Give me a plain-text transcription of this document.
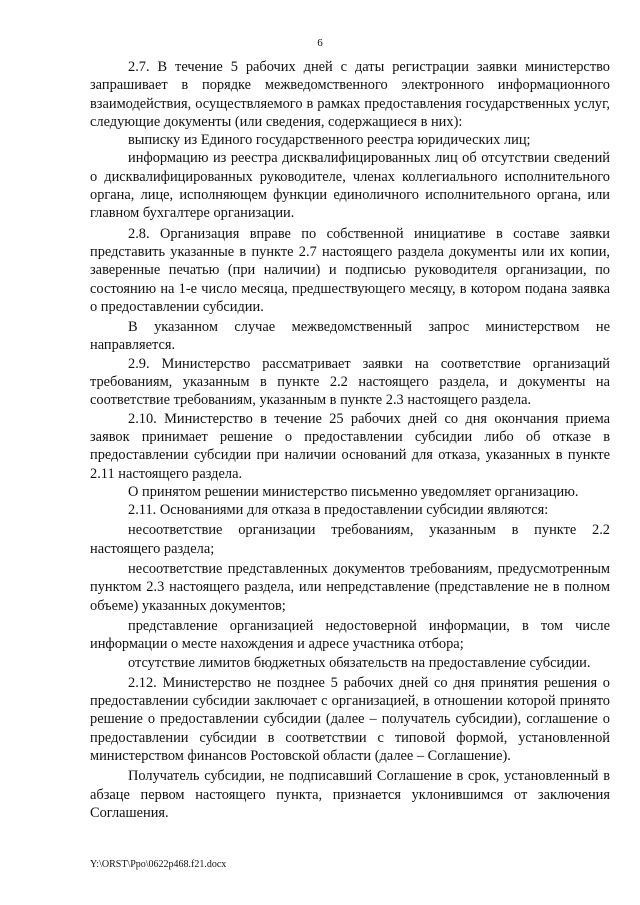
6

2.7. В течение 5 рабочих дней с даты регистрации заявки министерство запрашивает в порядке межведомственного электронного информационного взаимодействия, осуществляемого в рамках предоставления государственных услуг, следующие документы (или сведения, содержащиеся в них):

выписку из Единого государственного реестра юридических лиц;

информацию из реестра дисквалифицированных лиц об отсутствии сведений о дисквалифицированных руководителе, членах коллегиального исполнительного органа, лице, исполняющем функции единоличного исполнительного органа, или главном бухгалтере организации.

2.8. Организация вправе по собственной инициативе в составе заявки представить указанные в пункте 2.7 настоящего раздела документы или их копии, заверенные печатью (при наличии) и подписью руководителя организации, по состоянию на 1-е число месяца, предшествующего месяцу, в котором подана заявка о предоставлении субсидии.

В указанном случае межведомственный запрос министерством не направляется.

2.9. Министерство рассматривает заявки на соответствие организаций требованиям, указанным в пункте 2.2 настоящего раздела, и документы на соответствие требованиям, указанным в пункте 2.3 настоящего раздела.

2.10. Министерство в течение 25 рабочих дней со дня окончания приема заявок принимает решение о предоставлении субсидии либо об отказе в предоставлении субсидии при наличии оснований для отказа, указанных в пункте 2.11 настоящего раздела.

О принятом решении министерство письменно уведомляет организацию.

2.11. Основаниями для отказа в предоставлении субсидии являются:

несоответствие организации требованиям, указанным в пункте 2.2 настоящего раздела;

несоответствие представленных документов требованиям, предусмотренным пунктом 2.3 настоящего раздела, или непредставление (представление не в полном объеме) указанных документов;

представление организацией недостоверной информации, в том числе информации о месте нахождения и адресе участника отбора;

отсутствие лимитов бюджетных обязательств на предоставление субсидии.

2.12. Министерство не позднее 5 рабочих дней со дня принятия решения о предоставлении субсидии заключает с организацией, в отношении которой принято решение о предоставлении субсидии (далее – получатель субсидии), соглашение о предоставлении субсидии в соответствии с типовой формой, установленной министерством финансов Ростовской области (далее – Соглашение).

Получатель субсидии, не подписавший Соглашение в срок, установленный в абзаце первом настоящего пункта, признается уклонившимся от заключения Соглашения.

Y:\ORST\Ppo\0622p468.f21.docx
